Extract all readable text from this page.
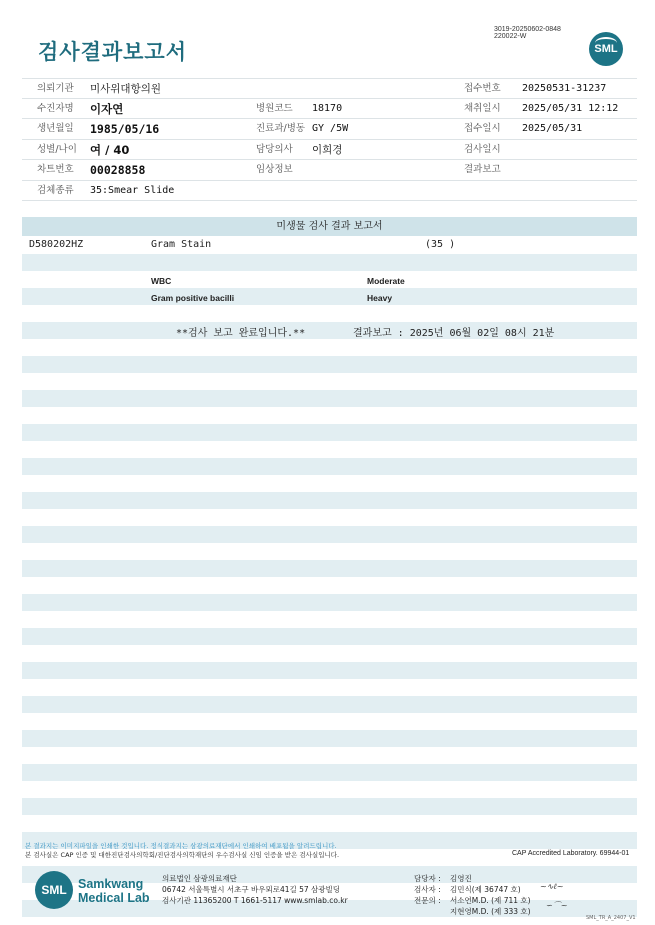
3019-20250602-0848
220022-W
검사결과보고서	SML
의뢰기관 미사위대항의원	접수번호 20250531-31237
수진자명 이자연	병원코드 18170	채취일시 2025/05/31 12:12
생년월일 1985/05/16	진료과/병동 GY /5W	접수일시 2025/05/31
성별/나이 여 / 40	담당의사 이희경	검사일시
차트번호 00028858	임상정보	결과보고
검체종류 35:Smear Slide
미생물 검사 결과 보고서
D580202HZ	Gram Stain	(35 )
WBC	Moderate
Gram positive bacilli	Heavy
**검사 보고 완료입니다.**	결과보고 : 2025년 06월 02일 08시 21분
본 결과지는 이미지파일을 인쇄한 것입니다. 정식결과지는 삼광의료재단에서 인쇄하여 배포됨을 알려드립니다.
본 검사실은 CAP 인증 및 대한진단검사의학회/진단검사의학재단의 우수검사실 신임 인증을 받은 검사실입니다.	CAP Accredited Laboratory. 69944-01
SML Samkwang
Medical Lab
의료법인 삼광의료재단
06742 서울특별시 서초구 바우뫼로41길 57 삼광빌딩
검사기관 11365200 T 1661-5117 www.smlab.co.kr
담당자 : 김영진
검사자 : 김민식(제 36747 호)
전문의 : 서소연M.D. (제 711 호)
지현영M.D. (제 333 호)
~∿ℓ~
∽⌒~
SML_TR_A_2407_V1
